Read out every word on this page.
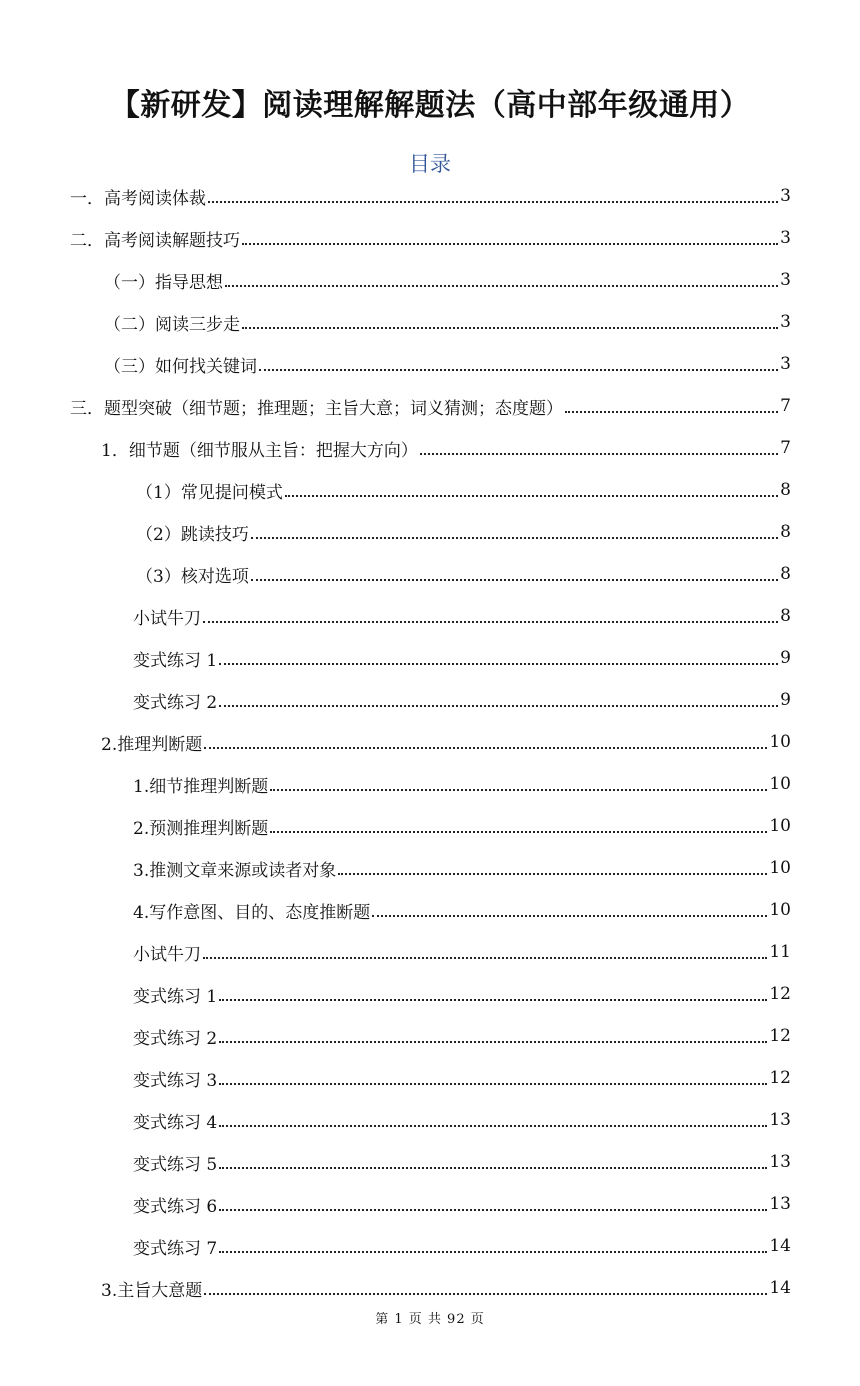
【新研发】阅读理解解题法（高中部年级通用）
目录
一．高考阅读体裁	3
二．高考阅读解题技巧	3
（一）指导思想	3
（二）阅读三步走	3
（三）如何找关键词	3
三．题型突破（细节题；推理题；主旨大意；词义猜测；态度题）	7
1．细节题（细节服从主旨：把握大方向）	7
（1）常见提问模式	8
（2）跳读技巧	8
（3）核对选项	8
小试牛刀	8
变式练习 1	9
变式练习 2	9
2.推理判断题	10
1.细节推理判断题	10
2.预测推理判断题	10
3.推测文章来源或读者对象	10
4.写作意图、目的、态度推断题	10
小试牛刀	11
变式练习 1	12
变式练习 2	12
变式练习 3	12
变式练习 4	13
变式练习 5	13
变式练习 6	13
变式练习 7	14
3.主旨大意题	14
第 1 页 共 92 页
